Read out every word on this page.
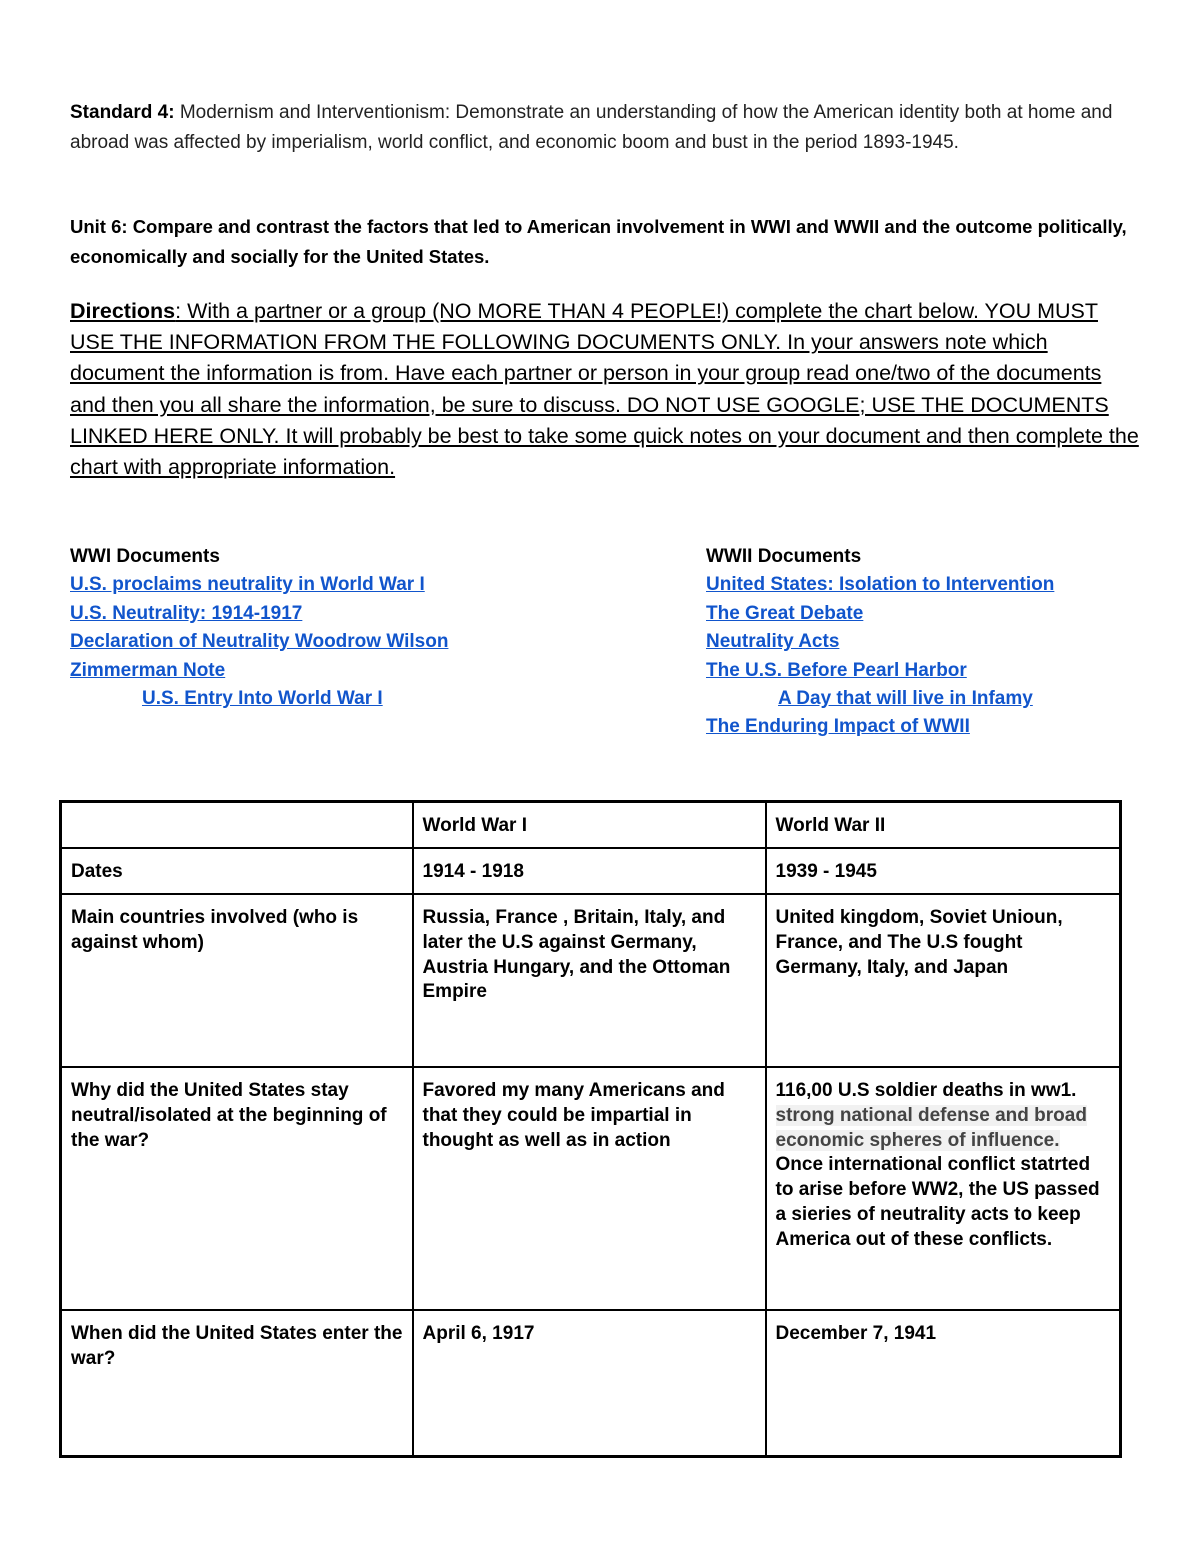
Standard 4: Modernism and Interventionism: Demonstrate an understanding of how the American identity both at home and abroad was affected by imperialism, world conflict, and economic boom and bust in the period 1893-1945.
Unit 6: Compare and contrast the factors that led to American involvement in WWI and WWII and the outcome politically, economically and socially for the United States.
Directions: With a partner or a group (NO MORE THAN 4 PEOPLE!) complete the chart below. YOU MUST USE THE INFORMATION FROM THE FOLLOWING DOCUMENTS ONLY. In your answers note which document the information is from. Have each partner or person in your group read one/two of the documents and then you all share the information, be sure to discuss. DO NOT USE GOOGLE; USE THE DOCUMENTS LINKED HERE ONLY. It will probably be best to take some quick notes on your document and then complete the chart with appropriate information.
WWI Documents
U.S. proclaims neutrality in World War I
U.S. Neutrality: 1914-1917
Declaration of Neutrality Woodrow Wilson
Zimmerman Note
U.S. Entry Into World War I
WWII Documents
United States: Isolation to Intervention
The Great Debate
Neutrality Acts
The U.S. Before Pearl Harbor
A Day that will live in Infamy
The Enduring Impact of WWII
	World War I	World War II
Dates	1914 - 1918	1939 - 1945
Main countries involved (who is against whom)	Russia, France , Britain, Italy, and later the U.S against Germany, Austria Hungary, and the Ottoman Empire	United kingdom, Soviet Unioun, France, and The U.S fought Germany, Italy, and Japan
Why did the United States stay neutral/isolated at the beginning of the war?	Favored my many Americans and that they could be impartial in thought as well as in action	116,00 U.S soldier deaths in ww1. strong national defense and broad economic spheres of influence. Once international conflict statrted to arise before WW2, the US passed a sieries of neutrality acts to keep America out of these conflicts.
When did the United States enter the war?	April 6, 1917	December 7, 1941
